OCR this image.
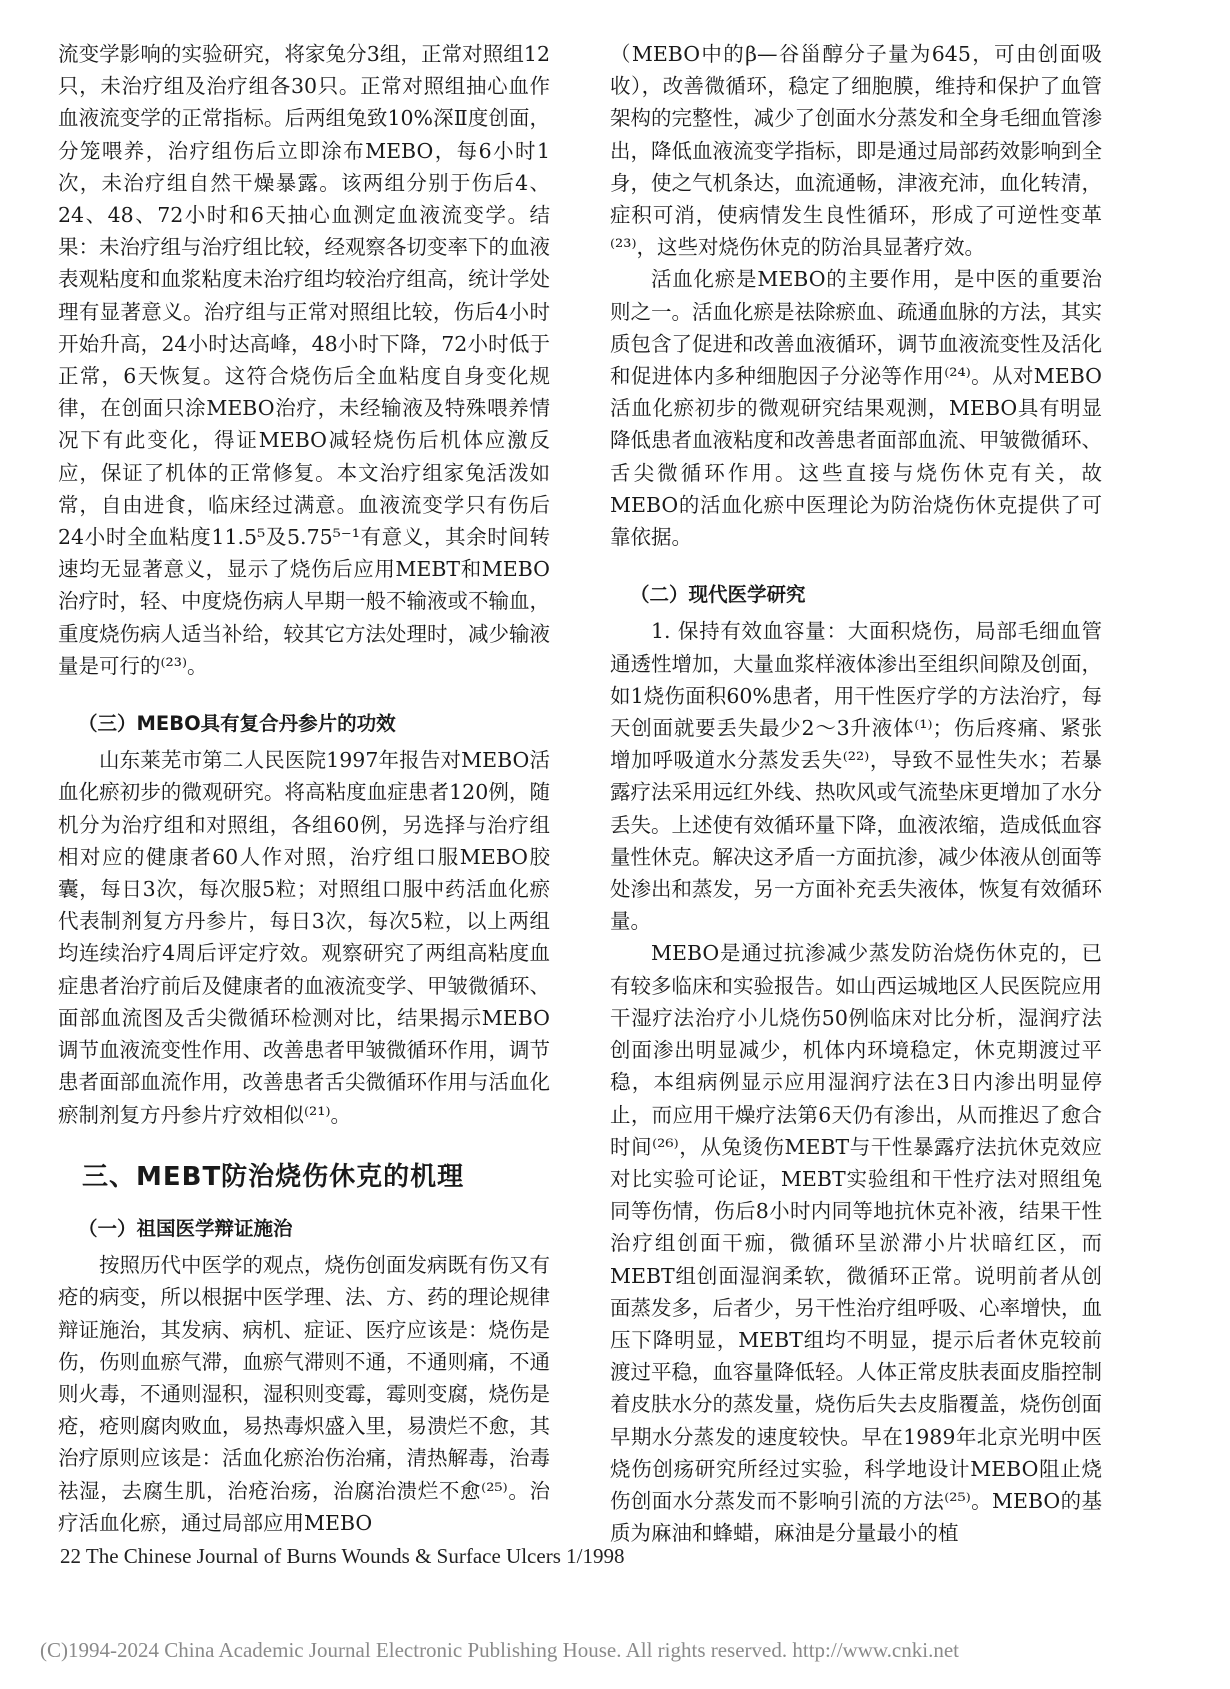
流变学影响的实验研究，将家兔分3组，正常对照组12只，未治疗组及治疗组各30只。正常对照组抽心血作血液流变学的正常指标。后两组兔致10%深Ⅱ度创面，分笼喂养，治疗组伤后立即涂布MEBO，每6小时1次，未治疗组自然干燥暴露。该两组分别于伤后4、24、48、72小时和6天抽心血测定血液流变学。结果：未治疗组与治疗组比较，经观察各切变率下的血液表观粘度和血浆粘度未治疗组均较治疗组高，统计学处理有显著意义。治疗组与正常对照组比较，伤后4小时开始升高，24小时达高峰，48小时下降，72小时低于正常，6天恢复。这符合烧伤后全血粘度自身变化规律，在创面只涂MEBO治疗，未经输液及特殊喂养情况下有此变化，得证MEBO减轻烧伤后机体应激反应，保证了机体的正常修复。本文治疗组家兔活泼如常，自由进食，临床经过满意。血液流变学只有伤后24小时全血粘度11.5⁵及5.75⁵⁻¹有意义，其余时间转速均无显著意义，显示了烧伤后应用MEBT和MEBO治疗时，轻、中度烧伤病人早期一般不输液或不输血，重度烧伤病人适当补给，较其它方法处理时，减少输液量是可行的⁽²³⁾。

（三）MEBO具有复合丹参片的功效

山东莱芜市第二人民医院1997年报告对MEBO活血化瘀初步的微观研究。将高粘度血症患者120例，随机分为治疗组和对照组，各组60例，另选择与治疗组相对应的健康者60人作对照，治疗组口服MEBO胶囊，每日3次，每次服5粒；对照组口服中药活血化瘀代表制剂复方丹参片，每日3次，每次5粒，以上两组均连续治疗4周后评定疗效。观察研究了两组高粘度血症患者治疗前后及健康者的血液流变学、甲皱微循环、面部血流图及舌尖微循环检测对比，结果揭示MEBO调节血液流变性作用、改善患者甲皱微循环作用，调节患者面部血流作用，改善患者舌尖微循环作用与活血化瘀制剂复方丹参片疗效相似⁽²¹⁾。

三、MEBT防治烧伤休克的机理
（一）祖国医学辩证施治

按照历代中医学的观点，烧伤创面发病既有伤又有疮的病变，所以根据中医学理、法、方、药的理论规律辩证施治，其发病、病机、症证、医疗应该是：烧伤是伤，伤则血瘀气滞，血瘀气滞则不通，不通则痛，不通则火毒，不通则湿积，湿积则变霉，霉则变腐，烧伤是疮，疮则腐肉败血，易热毒炽盛入里，易溃烂不愈，其治疗原则应该是：活血化瘀治伤治痛，清热解毒，治毒祛湿，去腐生肌，治疮治疡，治腐治溃烂不愈⁽²⁵⁾。治疗活血化瘀，通过局部应用MEBO

（MEBO中的β—谷甾醇分子量为645，可由创面吸收），改善微循环，稳定了细胞膜，维持和保护了血管架构的完整性，减少了创面水分蒸发和全身毛细血管渗出，降低血液流变学指标，即是通过局部药效影响到全身，使之气机条达，血流通畅，津液充沛，血化转清，症积可消，使病情发生良性循环，形成了可逆性变革⁽²³⁾，这些对烧伤休克的防治具显著疗效。

活血化瘀是MEBO的主要作用，是中医的重要治则之一。活血化瘀是祛除瘀血、疏通血脉的方法，其实质包含了促进和改善血液循环，调节血液流变性及活化和促进体内多种细胞因子分泌等作用⁽²⁴⁾。从对MEBO活血化瘀初步的微观研究结果观测，MEBO具有明显降低患者血液粘度和改善患者面部血流、甲皱微循环、舌尖微循环作用。这些直接与烧伤休克有关，故MEBO的活血化瘀中医理论为防治烧伤休克提供了可靠依据。

（二）现代医学研究

1. 保持有效血容量：大面积烧伤，局部毛细血管通透性增加，大量血浆样液体渗出至组织间隙及创面，如1烧伤面积60%患者，用干性医疗学的方法治疗，每天创面就要丢失最少2～3升液体⁽¹⁾；伤后疼痛、紧张增加呼吸道水分蒸发丢失⁽²²⁾，导致不显性失水；若暴露疗法采用远红外线、热吹风或气流垫床更增加了水分丢失。上述使有效循环量下降，血液浓缩，造成低血容量性休克。解决这矛盾一方面抗渗，减少体液从创面等处渗出和蒸发，另一方面补充丢失液体，恢复有效循环量。

MEBO是通过抗渗减少蒸发防治烧伤休克的，已有较多临床和实验报告。如山西运城地区人民医院应用干湿疗法治疗小儿烧伤50例临床对比分析，湿润疗法创面渗出明显减少，机体内环境稳定，休克期渡过平稳，本组病例显示应用湿润疗法在3日内渗出明显停止，而应用干燥疗法第6天仍有渗出，从而推迟了愈合时间⁽²⁶⁾，从兔烫伤MEBT与干性暴露疗法抗休克效应对比实验可论证，MEBT实验组和干性疗法对照组兔同等伤情，伤后8小时内同等地抗休克补液，结果干性治疗组创面干痂，微循环呈淤滞小片状暗红区，而MEBT组创面湿润柔软，微循环正常。说明前者从创面蒸发多，后者少，另干性治疗组呼吸、心率增快，血压下降明显，MEBT组均不明显，提示后者休克较前渡过平稳，血容量降低轻。人体正常皮肤表面皮脂控制着皮肤水分的蒸发量，烧伤后失去皮脂覆盖，烧伤创面早期水分蒸发的速度较快。早在1989年北京光明中医烧伤创疡研究所经过实验，科学地设计MEBO阻止烧伤创面水分蒸发而不影响引流的方法⁽²⁵⁾。MEBO的基质为麻油和蜂蜡，麻油是分量最小的植

22 The Chinese Journal of Burns Wounds & Surface Ulcers 1/1998
(C)1994-2024 China Academic Journal Electronic Publishing House. All rights reserved. http://www.cnki.net
